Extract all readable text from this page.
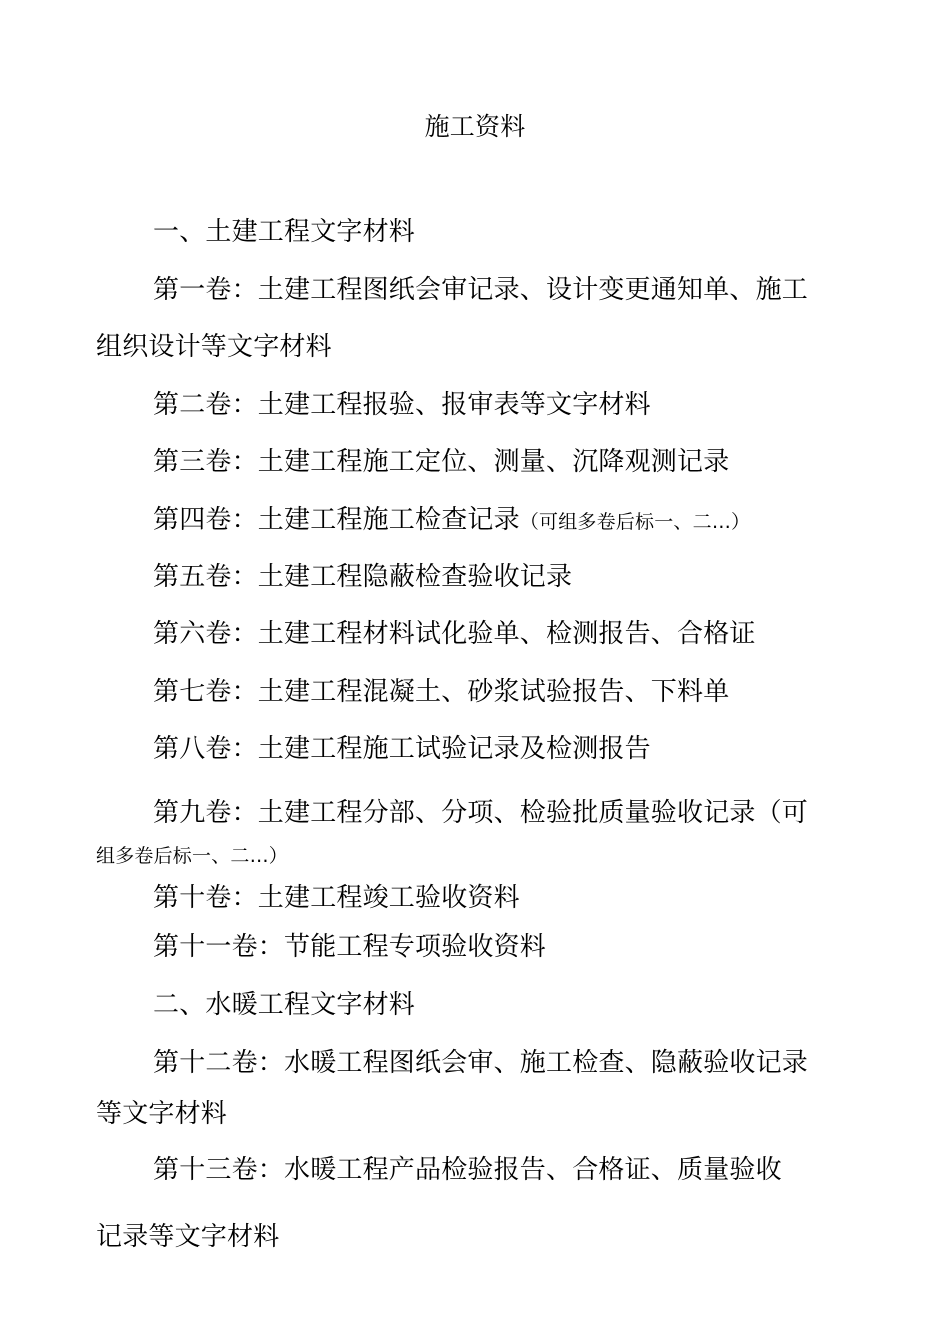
施工资料

一、土建工程文字材料

第一卷：土建工程图纸会审记录、设计变更通知单、施工

组织设计等文字材料

第二卷：土建工程报验、报审表等文字材料

第三卷：土建工程施工定位、测量、沉降观测记录

第四卷：土建工程施工检查记录（可组多卷后标一、二…）

第五卷：土建工程隐蔽检查验收记录

第六卷：土建工程材料试化验单、检测报告、合格证

第七卷：土建工程混凝土、砂浆试验报告、下料单

第八卷：土建工程施工试验记录及检测报告

第九卷：土建工程分部、分项、检验批质量验收记录（可

组多卷后标一、二…）

第十卷：土建工程竣工验收资料

第十一卷：节能工程专项验收资料

二、水暖工程文字材料

第十二卷：水暖工程图纸会审、施工检查、隐蔽验收记录

等文字材料

第十三卷：水暖工程产品检验报告、合格证、质量验收

记录等文字材料
